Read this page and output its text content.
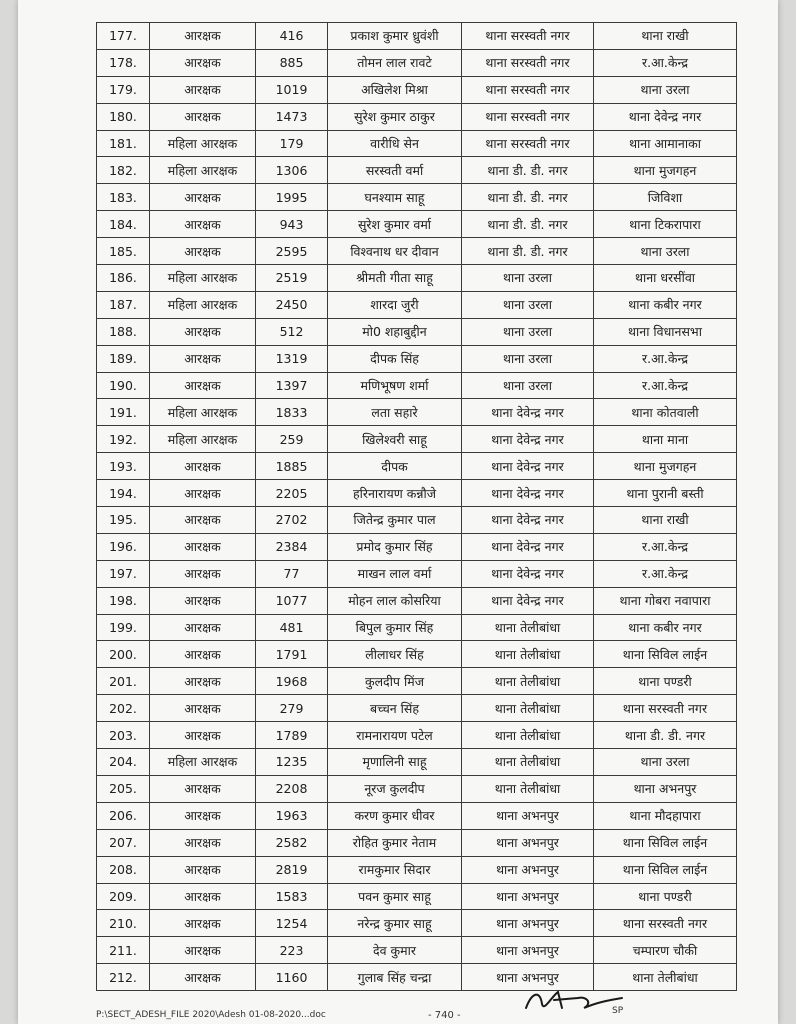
177.	आरक्षक	416	प्रकाश कुमार ध्रुवंशी	थाना सरस्वती नगर	थाना राखी
178.	आरक्षक	885	तोमन लाल रावटे	थाना सरस्वती नगर	र.आ.केन्द्र
179.	आरक्षक	1019	अखिलेश मिश्रा	थाना सरस्वती नगर	थाना उरला
180.	आरक्षक	1473	सुरेश कुमार ठाकुर	थाना सरस्वती नगर	थाना देवेन्द्र नगर
181.	महिला आरक्षक	179	वारीधि सेन	थाना सरस्वती नगर	थाना आमानाका
182.	महिला आरक्षक	1306	सरस्वती वर्मा	थाना डी. डी. नगर	थाना मुजगहन
183.	आरक्षक	1995	घनश्याम साहू	थाना डी. डी. नगर	जिविशा
184.	आरक्षक	943	सुरेश कुमार वर्मा	थाना डी. डी. नगर	थाना टिकरापारा
185.	आरक्षक	2595	विश्वनाथ धर दीवान	थाना डी. डी. नगर	थाना उरला
186.	महिला आरक्षक	2519	श्रीमती गीता साहू	थाना उरला	थाना धरसींवा
187.	महिला आरक्षक	2450	शारदा जुरी	थाना उरला	थाना कबीर नगर
188.	आरक्षक	512	मो0 शहाबुद्दीन	थाना उरला	थाना विधानसभा
189.	आरक्षक	1319	दीपक सिंह	थाना उरला	र.आ.केन्द्र
190.	आरक्षक	1397	मणिभूषण शर्मा	थाना उरला	र.आ.केन्द्र
191.	महिला आरक्षक	1833	लता सहारे	थाना देवेन्द्र नगर	थाना कोतवाली
192.	महिला आरक्षक	259	खिलेश्वरी साहू	थाना देवेन्द्र नगर	थाना माना
193.	आरक्षक	1885	दीपक	थाना देवेन्द्र नगर	थाना मुजगहन
194.	आरक्षक	2205	हरिनारायण कन्नौजे	थाना देवेन्द्र नगर	थाना पुरानी बस्ती
195.	आरक्षक	2702	जितेन्द्र कुमार पाल	थाना देवेन्द्र नगर	थाना राखी
196.	आरक्षक	2384	प्रमोद कुमार सिंह	थाना देवेन्द्र नगर	र.आ.केन्द्र
197.	आरक्षक	77	माखन लाल वर्मा	थाना देवेन्द्र नगर	र.आ.केन्द्र
198.	आरक्षक	1077	मोहन लाल कोसरिया	थाना देवेन्द्र नगर	थाना गोबरा नवापारा
199.	आरक्षक	481	बिपुल कुमार सिंह	थाना तेलीबांधा	थाना कबीर नगर
200.	आरक्षक	1791	लीलाधर सिंह	थाना तेलीबांधा	थाना सिविल लाईन
201.	आरक्षक	1968	कुलदीप मिंज	थाना तेलीबांधा	थाना पण्डरी
202.	आरक्षक	279	बच्चन सिंह	थाना तेलीबांधा	थाना सरस्वती नगर
203.	आरक्षक	1789	रामनारायण पटेल	थाना तेलीबांधा	थाना डी. डी. नगर
204.	महिला आरक्षक	1235	मृणालिनी साहू	थाना तेलीबांधा	थाना उरला
205.	आरक्षक	2208	नूरज कुलदीप	थाना तेलीबांधा	थाना अभनपुर
206.	आरक्षक	1963	करण कुमार धीवर	थाना अभनपुर	थाना मौदहापारा
207.	आरक्षक	2582	रोहित कुमार नेताम	थाना अभनपुर	थाना सिविल लाईन
208.	आरक्षक	2819	रामकुमार सिदार	थाना अभनपुर	थाना सिविल लाईन
209.	आरक्षक	1583	पवन कुमार साहू	थाना अभनपुर	थाना पण्डरी
210.	आरक्षक	1254	नरेन्द्र कुमार साहू	थाना अभनपुर	थाना सरस्वती नगर
211.	आरक्षक	223	देव कुमार	थाना अभनपुर	चम्पारण चौकी
212.	आरक्षक	1160	गुलाब सिंह चन्द्रा	थाना अभनपुर	थाना तेलीबांधा
P:\SECT_ADESH_FILE 2020\Adesh 01-08-2020...doc	- 740 -	SP
